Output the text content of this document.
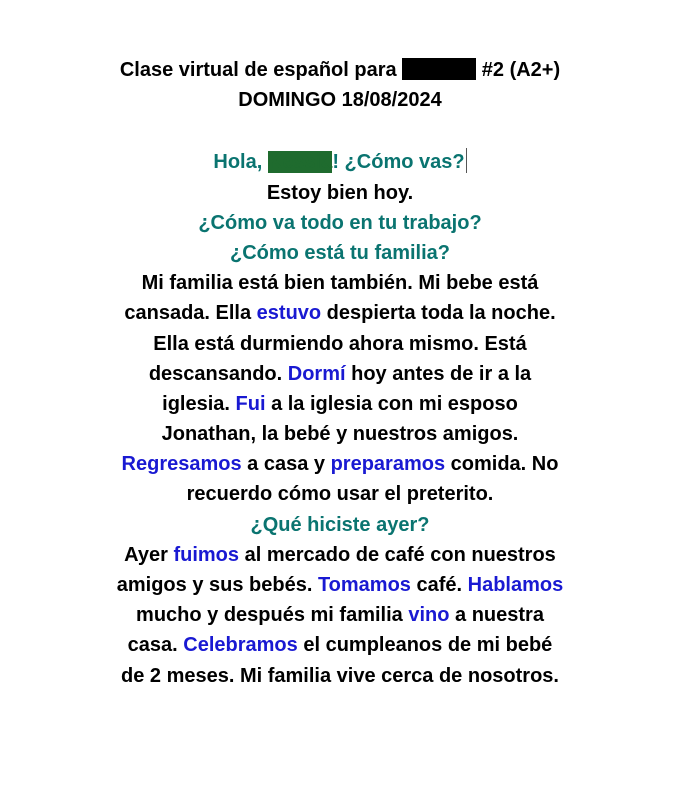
Clase virtual de español para	#2 (A2+)
DOMINGO 18/08/2024
Hola, Kessia! ¿Cómo vas?
Estoy bien hoy.
¿Cómo va todo en tu trabajo?
¿Cómo está tu familia?
Mi familia está bien también. Mi bebe está
cansada. Ella estuvo despierta toda la noche.
Ella está durmiendo ahora mismo. Está
descansando. Dormí hoy antes de ir a la
iglesia. Fui a la iglesia con mi esposo
Jonathan, la bebé y nuestros amigos.
Regresamos a casa y preparamos comida. No
recuerdo cómo usar el preterito.
¿Qué hiciste ayer?
Ayer fuimos al mercado de café con nuestros
amigos y sus bebés. Tomamos café. Hablamos
mucho y después mi familia vino a nuestra
casa. Celebramos el cumpleanos de mi bebé
de 2 meses. Mi familia vive cerca de nosotros.
